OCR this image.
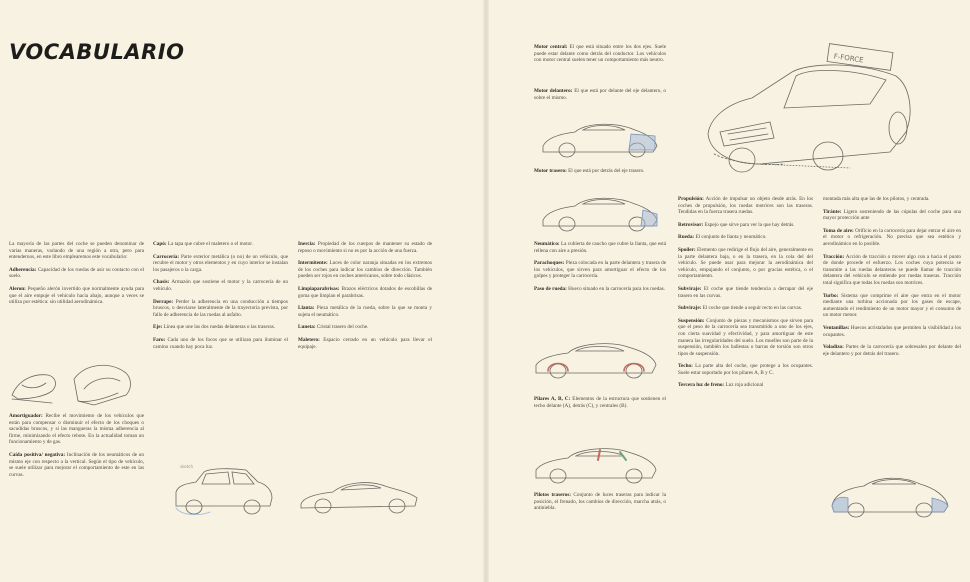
VOCABULARIO
sketch
F-FORCE
La mayoría de las partes del coche se pueden denominar de varias maneras, variando de una región a otra, pero para entendernos, en este libro emplearemos este vocabulario:
Adherencia: Capacidad de los ruedas de asir su contacto con el suelo.
Aleron: Pequeño alerón invertido que normalmente ayuda para que el aire empuje el vehículo hacia abajo, aunque a veces se utiliza por estética: sin utilidad aerodinámica.
Amortiguador: Recibe el movimiento de los vehículos que están para compensar o disminuir el efecto de los choques o sacudidas bruscos, y si las mangueras la misma adherencia al firme, minimizando el efecto rebote. En la actualidad toman un funcionamiento y de gas.
Caída positiva/ negativa: Inclinación de los neumáticos de un mismo eje con respecto a la vertical. Según el tipo de vehículo, se suele utilizar para mejorar el comportamiento de este en las curvas.
Capó: La tapa que cubre el maletero o el motor.
Carrocería: Parte exterior metálica (o no) de un vehículo, que recubre el motor y otros elementos y en cuyo interior se instalan los pasajeros o la carga.
Chasis: Armazón que sostiene el motor y la carrocería de un vehículo.
Derrape: Perder la adherencia en una conducción a tiempos bruscos, o desviarse lateralmente de la trayectoria prevista, por fallo de adherencia de las ruedas al asfalto.
Eje: Línea que une las dos ruedas delanteras o las traseras.
Faro: Cada uno de los focos que se utilizan para iluminar el camino cuando hay poca luz.
Inercia: Propiedad de los cuerpos de mantener su estado de reposo o movimiento si no es por la acción de una fuerza.
Intermitente: Luces de color naranja situadas en los extremos de los coches para indicar los cambios de dirección. También pueden ser rojos en coches americanos, sobre todo clásicos.
Limpiaparabrisas: Brazos eléctricos dotados de escobillas de goma que limpian el parabrisas.
Llanta: Pieza metálica de la rueda, sobre la que se monta y sujeta el neumático.
Luneta: Cristal trasero del coche.
Maletero: Espacio cerrado en un vehículo para llevar el equipaje.
Motor central: El que está situado entre los dos ejes. Suele puede estar delante como detrás del conductor. Los vehículos con motor central suelen tener un comportamiento más neutro.
Motor delantero: El que está por delante del eje delantero, o sobre el mismo.
Motor trasero: El que está por detrás del eje trasero.
Neumático: La cubierta de caucho que cubre la llanta, que está rellena con aire a presión.
Parachoques: Pieza colocada en la parte delantera y trasera de los vehículos, que sirven para amortiguar el efecto de los golpes y proteger la carrocería.
Paso de rueda: Hueco situado en la carrocería para los ruedas.
Pilares A, B, C: Elementos de la estructura que sostienen el techo delante (A), detrás (C), y centrales (B).
Pilotos traseros: Conjunto de luces traseras para indicar la posición, el frenado, los cambios de dirección, marcha atrás, o antiniebla.
Propulsión: Acción de impulsar un objeto desde atrás. En los coches de propulsión, los ruedas motrices son las traseras. Tendidas en la fuerza trasera ruedas.
Retrovisor: Espejo que sirve para ver la que hay detrás.
Rueda: El conjunto de llanta y neumático.
Spoiler: Elemento que redirige el flujo del aire, generalmente en la parte delantera baja, o en la trasera, en la cola del del vehículo. Se puede usar para mejorar la aerodinámica del vehículo, empujando el conjunto, o por gracias estética, o el comportamiento.
Subviraje: El coche que tiende tendencia a derrapar del eje trasero en las curvas.
Subviraje: El coche que tiende a seguir recto en las curvas.
Suspensión: Conjunto de piezas y mecanismos que sirven para que el peso de la carrocería sea transmitido a uno de los ejes, con cierta suavidad y efectividad, y para amortiguar de este manera las irregularidades del suelo. Los muelles son parte de la suspensión, también los ballestas o barras de torsión son otros tipos de suspensión.
Techo: La parte alta del coche, que protege a los ocupantes. Suele estar soportado por los pilares A, B y C.
Tercera luz de freno: Luz roja adicional
montada más alta que las de los pilotos, y centrada.
Tiránte: Ligero sosteniendo de las cúpulas del coche para una mayor protección ante
Toma de aire: Orificio en la carrocería para dejar entrar el aire en el motor o refrigeración. No precisa que sea estético y aerodinámico en lo posible.
Tracción: Acción de tracción o mover algo con a hacia el punto de donde procede el esfuerzo. Los coches cuya potencia se transmite a las ruedas delanteras se puede llamar de tracción delantera del vehículo se entiende por ruedas traseras. Tracción total significa que todas los ruedas son motrices.
Turbo: Sistema que comprime el aire que entra en el motor mediante una turbina accionada por los gases de escape, aumentando el rendimiento de un motor mayor y el consumo de un motor menor.
Ventanillas: Huecos acristalados que permiten la visibilidad a los ocupantes.
Voladizo: Partes de la carrocería que sobresalen por delante del eje delantero y por detrás del trasero.
